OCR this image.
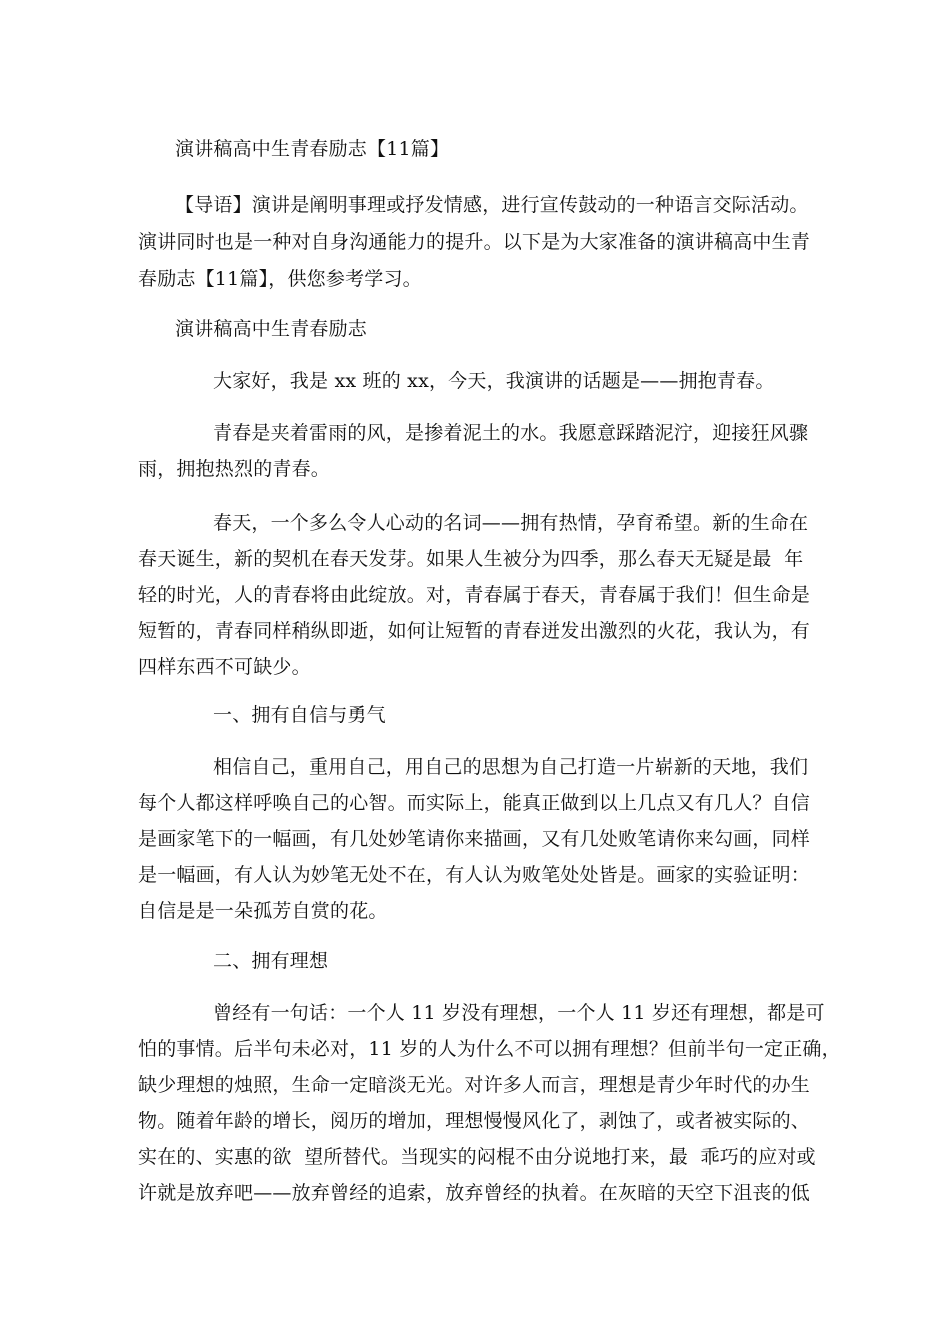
演讲稿高中生青春励志【11篇】
【导语】演讲是阐明事理或抒发情感，进行宣传鼓动的一种语言交际活动。
演讲同时也是一种对自身沟通能力的提升。以下是为大家准备的演讲稿高中生青
春励志【11篇】，供您参考学习。
演讲稿高中生青春励志
大家好，我是 xx 班的 xx，今天，我演讲的话题是——拥抱青春。
青春是夹着雷雨的风，是掺着泥土的水。我愿意踩踏泥泞，迎接狂风骤
雨，拥抱热烈的青春。
春天，一个多么令人心动的名词——拥有热情，孕育希望。新的生命在
春天诞生，新的契机在春天发芽。如果人生被分为四季，那么春天无疑是最  年
轻的时光，人的青春将由此绽放。对，青春属于春天，青春属于我们！但生命是
短暂的，青春同样稍纵即逝，如何让短暂的青春迸发出激烈的火花，我认为，有
四样东西不可缺少。
一、拥有自信与勇气
相信自己，重用自己，用自己的思想为自己打造一片崭新的天地，我们
每个人都这样呼唤自己的心智。而实际上，能真正做到以上几点又有几人？自信
是画家笔下的一幅画，有几处妙笔请你来描画，又有几处败笔请你来勾画，同样
是一幅画，有人认为妙笔无处不在，有人认为败笔处处皆是。画家的实验证明：
自信是是一朵孤芳自赏的花。
二、拥有理想
曾经有一句话：一个人 11 岁没有理想，一个人 11 岁还有理想，都是可
怕的事情。后半句未必对，11 岁的人为什么不可以拥有理想？但前半句一定正确，
缺少理想的烛照，生命一定暗淡无光。对许多人而言，理想是青少年时代的办生
物。随着年龄的增长，阅历的增加，理想慢慢风化了，剥蚀了，或者被实际的、
实在的、实惠的欲  望所替代。当现实的闷棍不由分说地打来，最  乖巧的应对或
许就是放弃吧——放弃曾经的追索，放弃曾经的执着。在灰暗的天空下沮丧的低
